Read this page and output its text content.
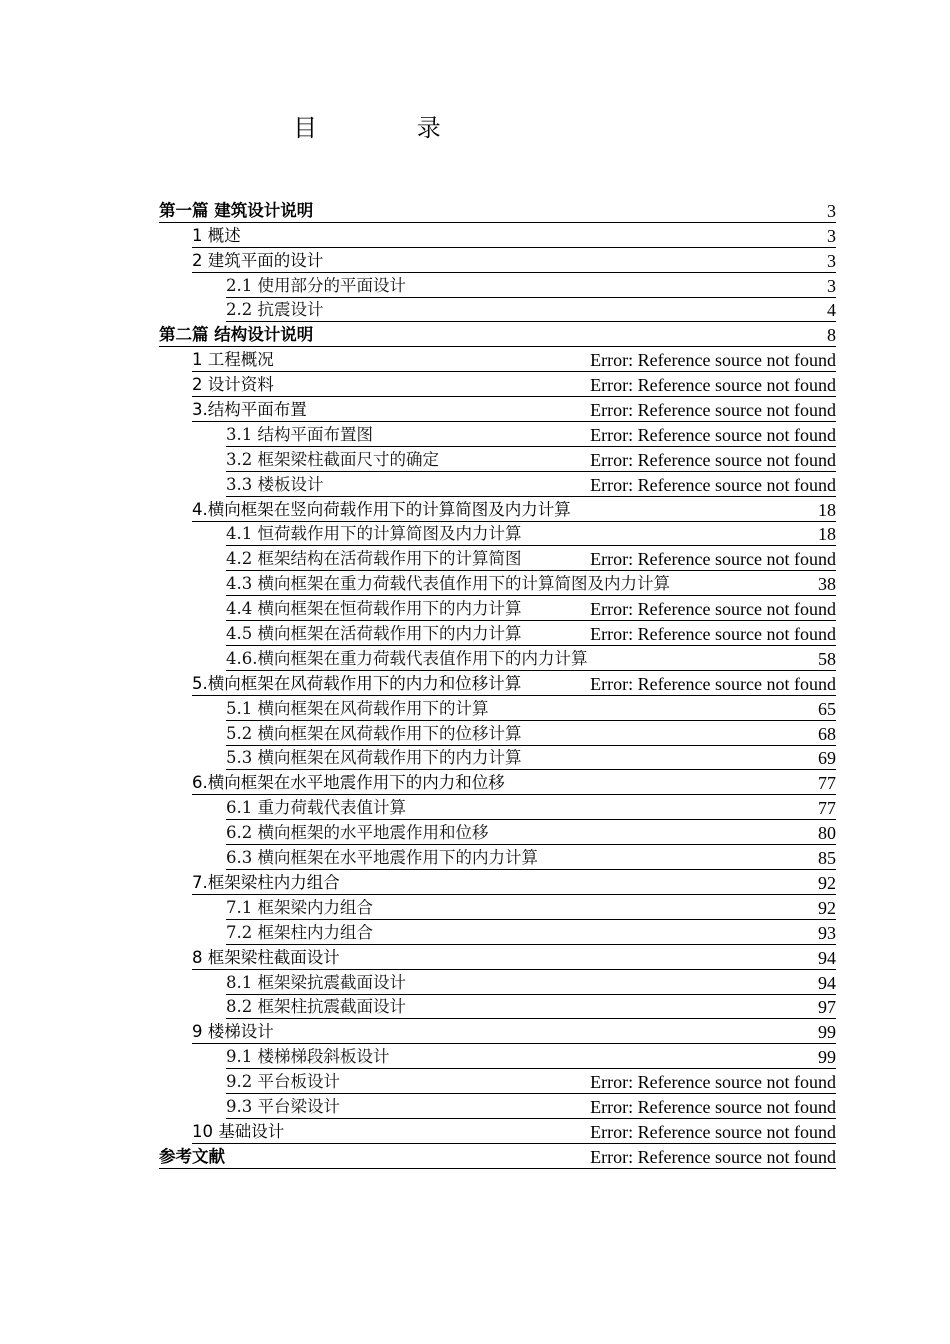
目 录
第一篇 建筑设计说明	3
1 概述	3
2 建筑平面的设计	3
2.1 使用部分的平面设计	3
2.2 抗震设计	4
第二篇 结构设计说明	8
1 工程概况	Error: Reference source not found
2 设计资料	Error: Reference source not found
3.结构平面布置	Error: Reference source not found
3.1 结构平面布置图	Error: Reference source not found
3.2 框架梁柱截面尺寸的确定	Error: Reference source not found
3.3 楼板设计	Error: Reference source not found
4.横向框架在竖向荷载作用下的计算简图及内力计算	18
4.1 恒荷载作用下的计算简图及内力计算	18
4.2 框架结构在活荷载作用下的计算简图	Error: Reference source not found
4.3 横向框架在重力荷载代表值作用下的计算简图及内力计算	38
4.4 横向框架在恒荷载作用下的内力计算	Error: Reference source not found
4.5 横向框架在活荷载作用下的内力计算	Error: Reference source not found
4.6.横向框架在重力荷载代表值作用下的内力计算	58
5.横向框架在风荷载作用下的内力和位移计算	Error: Reference source not found
5.1 横向框架在风荷载作用下的计算	65
5.2 横向框架在风荷载作用下的位移计算	68
5.3 横向框架在风荷载作用下的内力计算	69
6.横向框架在水平地震作用下的内力和位移	77
6.1 重力荷载代表值计算	77
6.2 横向框架的水平地震作用和位移	80
6.3 横向框架在水平地震作用下的内力计算	85
7.框架梁柱内力组合	92
7.1 框架梁内力组合	92
7.2 框架柱内力组合	93
8 框架梁柱截面设计	94
8.1 框架梁抗震截面设计	94
8.2 框架柱抗震截面设计	97
9 楼梯设计	99
9.1 楼梯梯段斜板设计	99
9.2 平台板设计	Error: Reference source not found
9.3 平台梁设计	Error: Reference source not found
10 基础设计	Error: Reference source not found
参考文献	Error: Reference source not found
